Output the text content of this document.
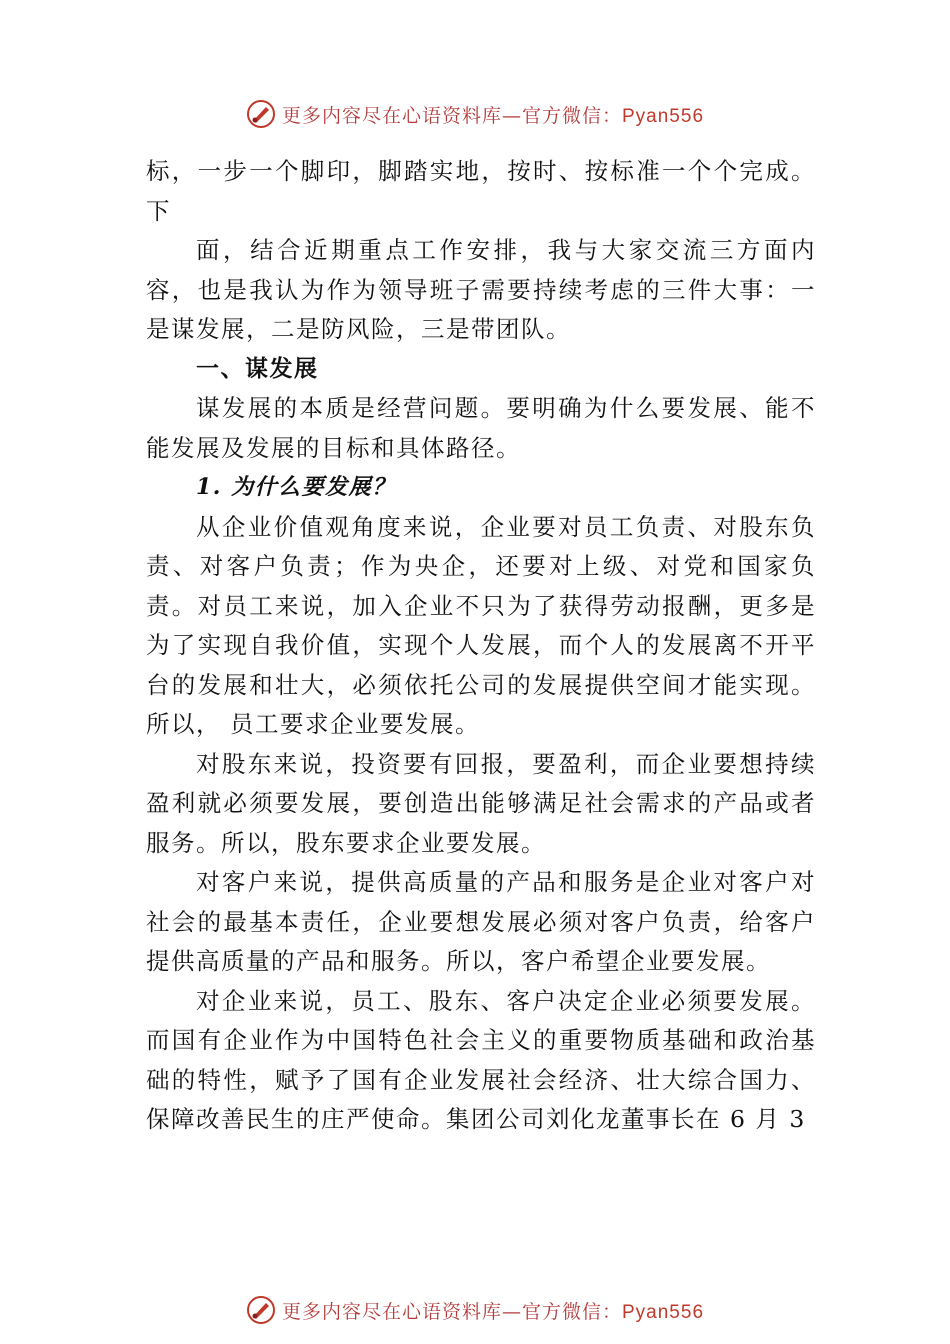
更多内容尽在心语资料库—官方微信：Pyan556

标，一步一个脚印，脚踏实地，按时、按标准一个个完成。 下

面，结合近期重点工作安排，我与大家交流三方面内容，也是我认为作为领导班子需要持续考虑的三件大事：一是谋发展，二是防风险，三是带团队。

一、谋发展

谋发展的本质是经营问题。要明确为什么要发展、能不能发展及发展的目标和具体路径。

1. 为什么要发展？

从企业价值观角度来说，企业要对员工负责、对股东负责、对客户负责；作为央企，还要对上级、对党和国家负责。对员工来说，加入企业不只为了获得劳动报酬，更多是为了实现自我价值，实现个人发展，而个人的发展离不开平台的发展和壮大，必须依托公司的发展提供空间才能实现。所以， 员工要求企业要发展。

对股东来说，投资要有回报，要盈利，而企业要想持续盈利就必须要发展，要创造出能够满足社会需求的产品或者服务。所以，股东要求企业要发展。

对客户来说，提供高质量的产品和服务是企业对客户对社会的最基本责任，企业要想发展必须对客户负责，给客户提供高质量的产品和服务。所以，客户希望企业要发展。

对企业来说，员工、股东、客户决定企业必须要发展。而国有企业作为中国特色社会主义的重要物质基础和政治基础的特性，赋予了国有企业发展社会经济、壮大综合国力、保障改善民生的庄严使命。集团公司刘化龙董事长在 6 月 3

更多内容尽在心语资料库—官方微信：Pyan556
